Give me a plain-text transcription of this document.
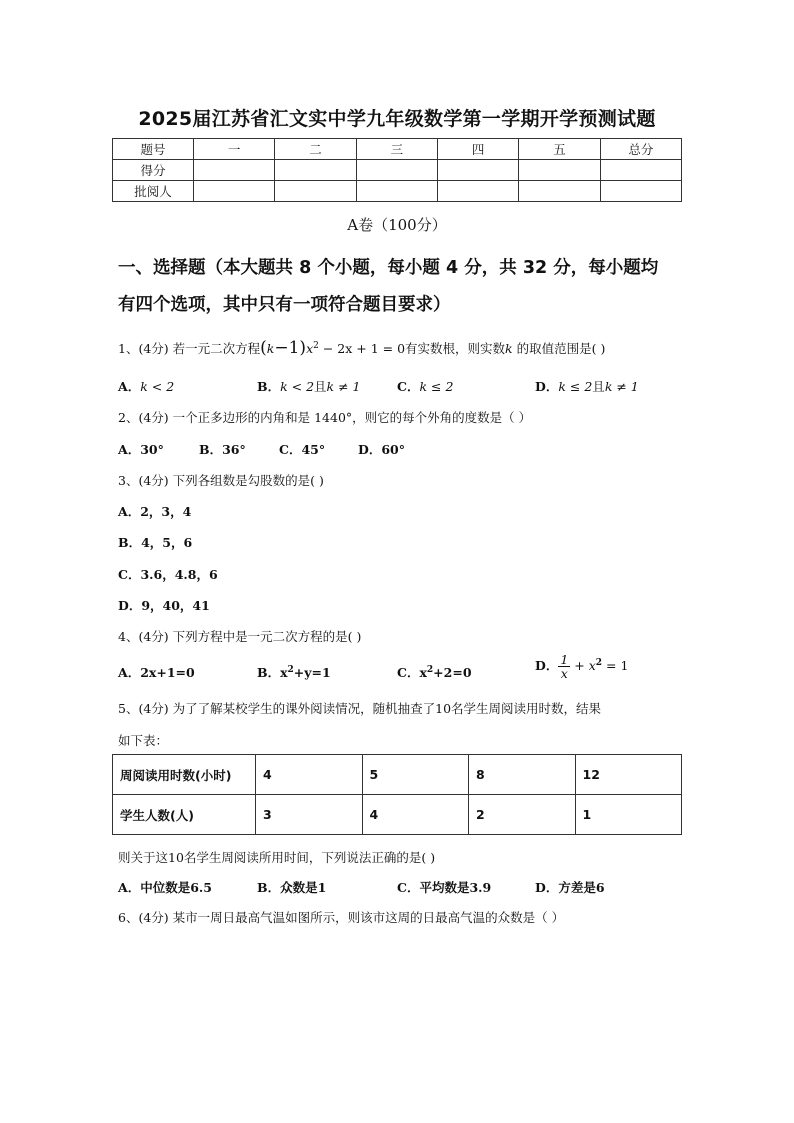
2025届江苏省汇文实中学九年级数学第一学期开学预测试题
题号	一	二	三	四	五	总分
得分						
批阅人						
A卷（100分）
一、选择题（本大题共 8 个小题，每小题 4 分，共 32 分，每小题均
有四个选项，其中只有一项符合题目要求）
1、(4分) 若一元二次方程$(k-1)x^2 - 2x + 1 = 0$有实数根，则实数k 的取值范围是( )
A．k < 2	B．k < 2且k ≠ 1	C．k ≤ 2	D．k ≤ 2且k ≠ 1
2、(4分) 一个正多边形的内角和是 1440°，则它的每个外角的度数是（ ）
A．30°	B．36°	C．45°	D．60°
3、(4分) 下列各组数是勾股数的是( )
A．2，3，4
B．4，5，6
C．3.6，4.8，6
D．9，40，41
4、(4分) 下列方程中是一元二次方程的是( )
A．2x+1=0	B．$x^2+y=1$	C．$x^2+2=0$	D． $\frac{1}{x} + x^2 = 1$
5、(4分) 为了了解某校学生的课外阅读情况，随机抽查了10名学生周阅读用时数，结果
如下表：
周阅读用时数(小时)	4	5	8	12
学生人数(人)	3	4	2	1
则关于这10名学生周阅读所用时间，下列说法正确的是( )
A．中位数是6.5	B．众数是1	C．平均数是3.9	D．方差是6
6、(4分) 某市一周日最高气温如图所示，则该市这周的日最高气温的众数是（ ）
